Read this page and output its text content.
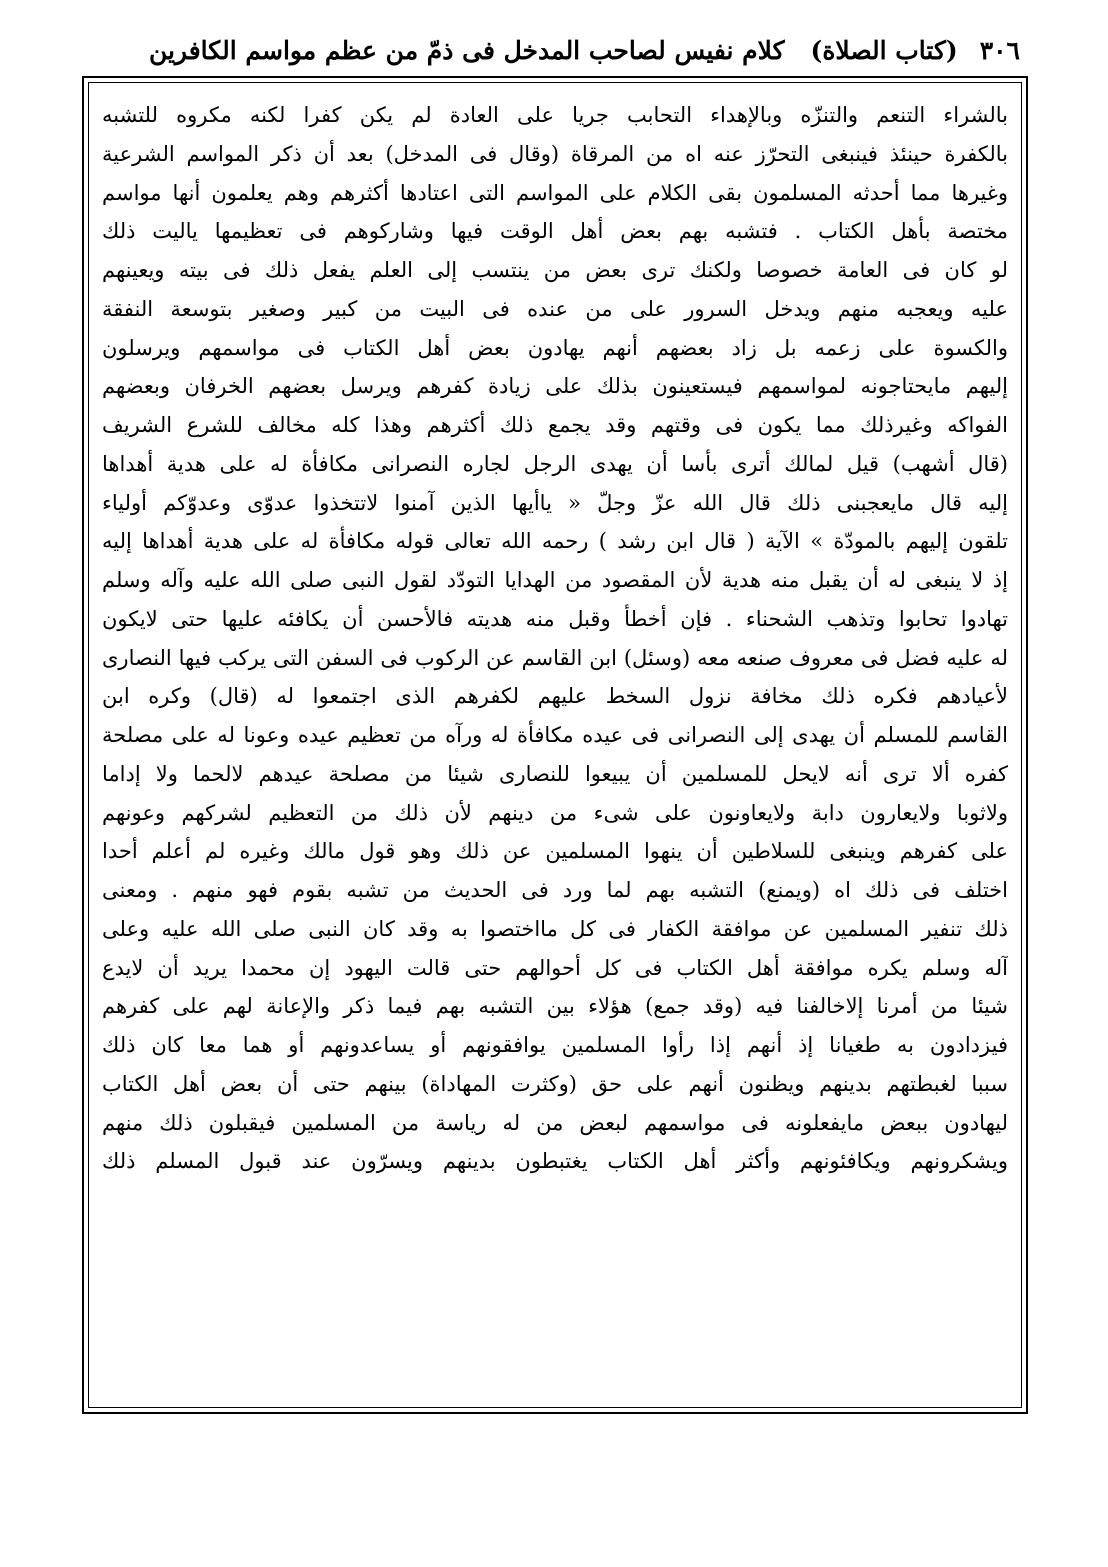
٣٠٦
(كتاب الصلاة)
كلام نفيس لصاحب المدخل فى ذمّ من عظم مواسم الكافرين
بالشراء التنعم والتنزّه وبالإهداء التحابب جريا على العادة لم يكن كفرا لكنه مكروه للتشبه
بالكفرة حينئذ فينبغى التحرّز عنه اه من المرقاة (وقال فى المدخل) بعد أن ذكر المواسم الشرعية
وغيرها مما أحدثه المسلمون بقى الكلام على المواسم التى اعتادها أكثرهم وهم يعلمون أنها مواسم
مختصة بأهل الكتاب . فتشبه بهم بعض أهل الوقت فيها وشاركوهم فى تعظيمها ياليت ذلك
لو كان فى العامة خصوصا ولكنك ترى بعض من ينتسب إلى العلم يفعل ذلك فى بيته ويعينهم
عليه ويعجبه منهم ويدخل السرور على من عنده فى البيت من كبير وصغير بتوسعة النفقة
والكسوة على زعمه بل زاد بعضهم أنهم يهادون بعض أهل الكتاب فى مواسمهم ويرسلون
إليهم مايحتاجونه لمواسمهم فيستعينون بذلك على زيادة كفرهم ويرسل بعضهم الخرفان وبعضهم
الفواكه وغيرذلك مما يكون فى وقتهم وقد يجمع ذلك أكثرهم وهذا كله مخالف للشرع الشريف
(قال أشهب) قيل لمالك أترى بأسا أن يهدى الرجل لجاره النصرانى مكافأة له على هدية أهداها
إليه قال مايعجبنى ذلك قال الله عزّ وجلّ « ياأيها الذين آمنوا لاتتخذوا عدوّى وعدوّكم أولياء
تلقون إليهم بالمودّة » الآية ( قال ابن رشد ) رحمه الله تعالى قوله مكافأة له على هدية أهداها إليه
إذ لا ينبغى له أن يقبل منه هدية لأن المقصود من الهدايا التودّد لقول النبى صلى الله عليه وآله وسلم
تهادوا تحابوا وتذهب الشحناء . فإن أخطأ وقبل منه هديته فالأحسن أن يكافئه عليها حتى لايكون
له عليه فضل فى معروف صنعه معه (وسئل) ابن القاسم عن الركوب فى السفن التى يركب فيها النصارى
لأعيادهم فكره ذلك مخافة نزول السخط عليهم لكفرهم الذى اجتمعوا له (قال) وكره ابن
القاسم للمسلم أن يهدى إلى النصرانى فى عيده مكافأة له ورآه من تعظيم عيده وعونا له على مصلحة
كفره ألا ترى أنه لايحل للمسلمين أن يبيعوا للنصارى شيئا من مصلحة عيدهم لالحما ولا إداما
ولاثوبا ولايعارون دابة ولايعاونون على شىء من دينهم لأن ذلك من التعظيم لشركهم وعونهم
على كفرهم وينبغى للسلاطين أن ينهوا المسلمين عن ذلك وهو قول مالك وغيره لم أعلم أحدا
اختلف فى ذلك اه (ويمنع) التشبه بهم لما ورد فى الحديث من تشبه بقوم فهو منهم . ومعنى
ذلك تنفير المسلمين عن موافقة الكفار فى كل مااختصوا به وقد كان النبى صلى الله عليه وعلى
آله وسلم يكره موافقة أهل الكتاب فى كل أحوالهم حتى قالت اليهود إن محمدا يريد أن لايدع
شيئا من أمرنا إلاخالفنا فيه (وقد جمع) هؤلاء بين التشبه بهم فيما ذكر والإعانة لهم على كفرهم
فيزدادون به طغيانا إذ أنهم إذا رأوا المسلمين يوافقونهم أو يساعدونهم أو هما معا كان ذلك
سببا لغبطتهم بدينهم ويظنون أنهم على حق (وكثرت المهاداة) بينهم حتى أن بعض أهل الكتاب
ليهادون ببعض مايفعلونه فى مواسمهم لبعض من له رياسة من المسلمين فيقبلون ذلك منهم
ويشكرونهم ويكافئونهم وأكثر أهل الكتاب يغتبطون بدينهم ويسرّون عند قبول المسلم ذلك
